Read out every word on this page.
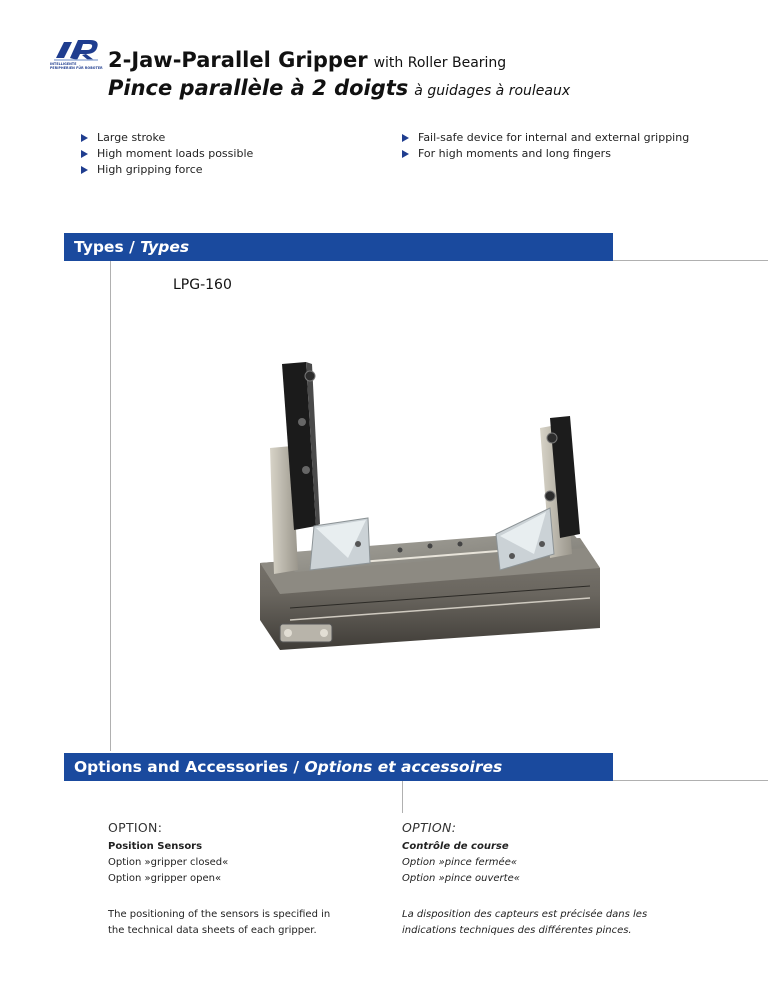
INTELLIGENTE
PERIPHERIEN FÜR ROBOTER 2-Jaw-Parallel Gripper with Roller Bearing
Pince parallèle à 2 doigts à guidages à rouleaux
Large stroke
High moment loads possible
High gripping force
Fail-safe device for internal and external gripping
For high moments and long fingers
Types / Types
LPG-160
Options and Accessories / Options et accessoires
OPTION:
Position Sensors
Option »gripper closed«
Option »gripper open«
The positioning of the sensors is specified in
the technical data sheets of each gripper.
OPTION:
Contrôle de course
Option »pince fermée«
Option »pince ouverte«
La disposition des capteurs est précisée dans les
indications techniques des différentes pinces.
